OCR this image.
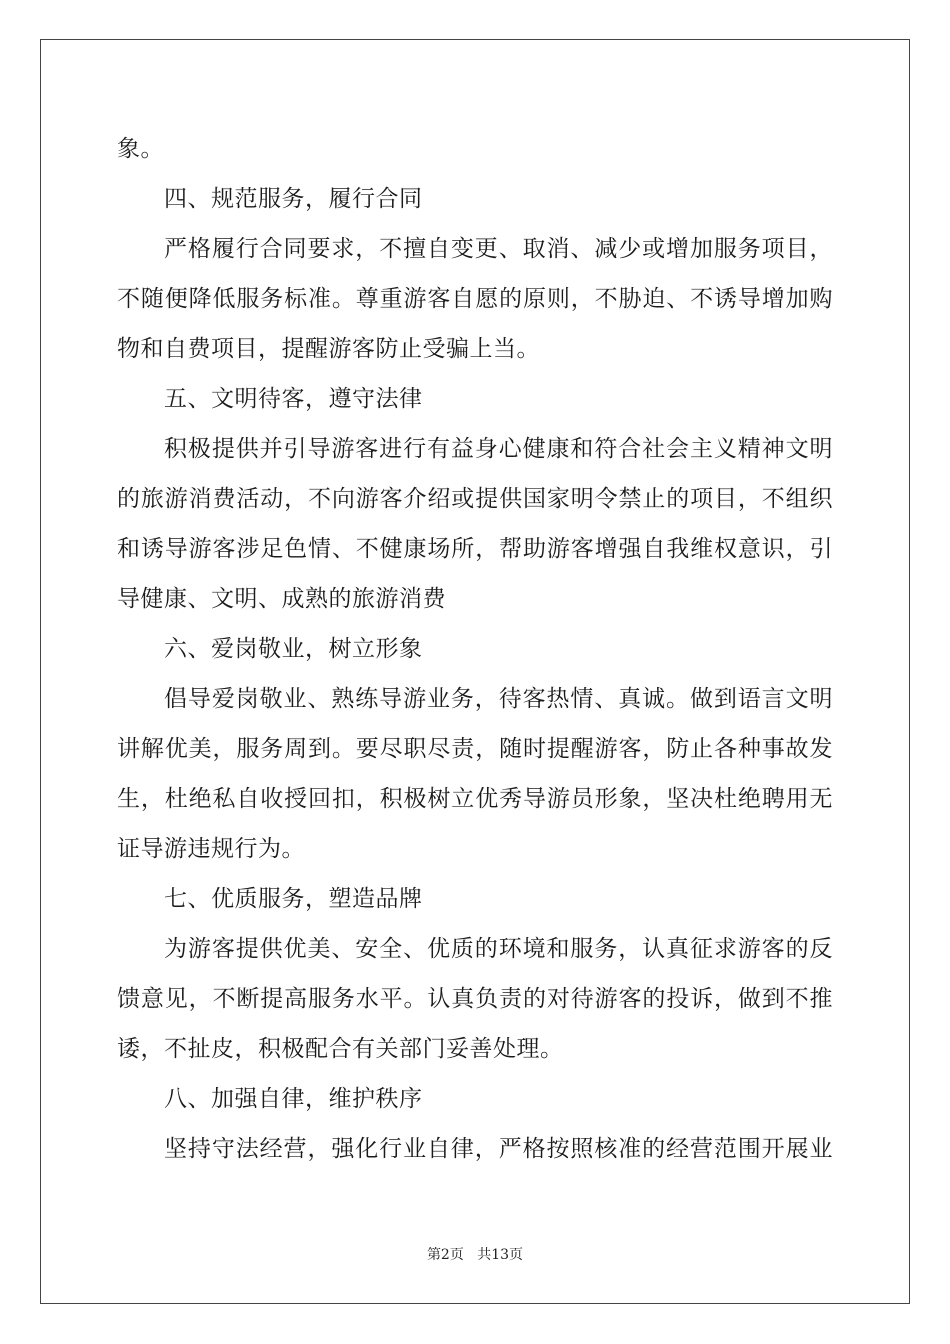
象。
四、规范服务，履行合同
严格履行合同要求，不擅自变更、取消、减少或增加服务项目，
不随便降低服务标准。尊重游客自愿的原则，不胁迫、不诱导增加购
物和自费项目，提醒游客防止受骗上当。
五、文明待客，遵守法律
积极提供并引导游客进行有益身心健康和符合社会主义精神文明
的旅游消费活动，不向游客介绍或提供国家明令禁止的项目，不组织
和诱导游客涉足色情、不健康场所，帮助游客增强自我维权意识，引
导健康、文明、成熟的旅游消费
六、爱岗敬业，树立形象
倡导爱岗敬业、熟练导游业务，待客热情、真诚。做到语言文明
讲解优美，服务周到。要尽职尽责，随时提醒游客，防止各种事故发
生，杜绝私自收授回扣，积极树立优秀导游员形象，坚决杜绝聘用无
证导游违规行为。
七、优质服务，塑造品牌
为游客提供优美、安全、优质的环境和服务，认真征求游客的反
馈意见，不断提高服务水平。认真负责的对待游客的投诉，做到不推
诿，不扯皮，积极配合有关部门妥善处理。
八、加强自律，维护秩序
坚持守法经营，强化行业自律，严格按照核准的经营范围开展业
第2页 共13页
